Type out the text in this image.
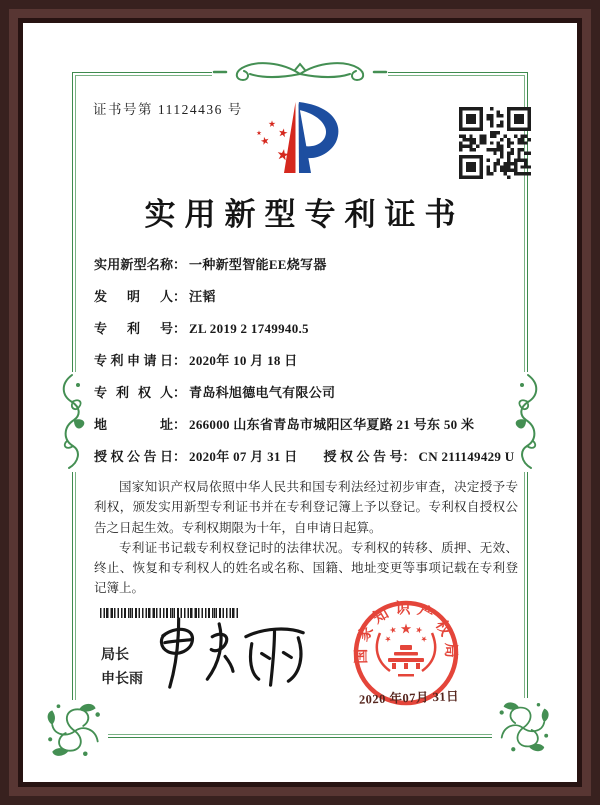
证书号第 11124436 号
实用新型专利证书
实用新型名称 ： 一种新型智能EE烧写器
发明人 ： 汪韬
专利号 ： ZL 2019 2 1749940.5
专利申请日 ： 2020年 10 月 18 日
专利权人 ： 青岛科旭德电气有限公司
地址 ： 266000 山东省青岛市城阳区华夏路 21 号东 50 米
授权公告日 ： 2020年 07 月 31 日 授权公告号 ： CN 211149429 U

国家知识产权局依照中华人民共和国专利法经过初步审查，决定授予专利权，颁发实用新型专利证书并在专利登记簿上予以登记。专利权自授权公告之日起生效。专利权期限为十年，自申请日起算。

专利证书记载专利权登记时的法律状况。专利权的转移、质押、无效、终止、恢复和专利权人的姓名或名称、国籍、地址变更等事项记载在专利登记簿上。

局长
申长雨
国家知识产权局
2020 年07月 31日
